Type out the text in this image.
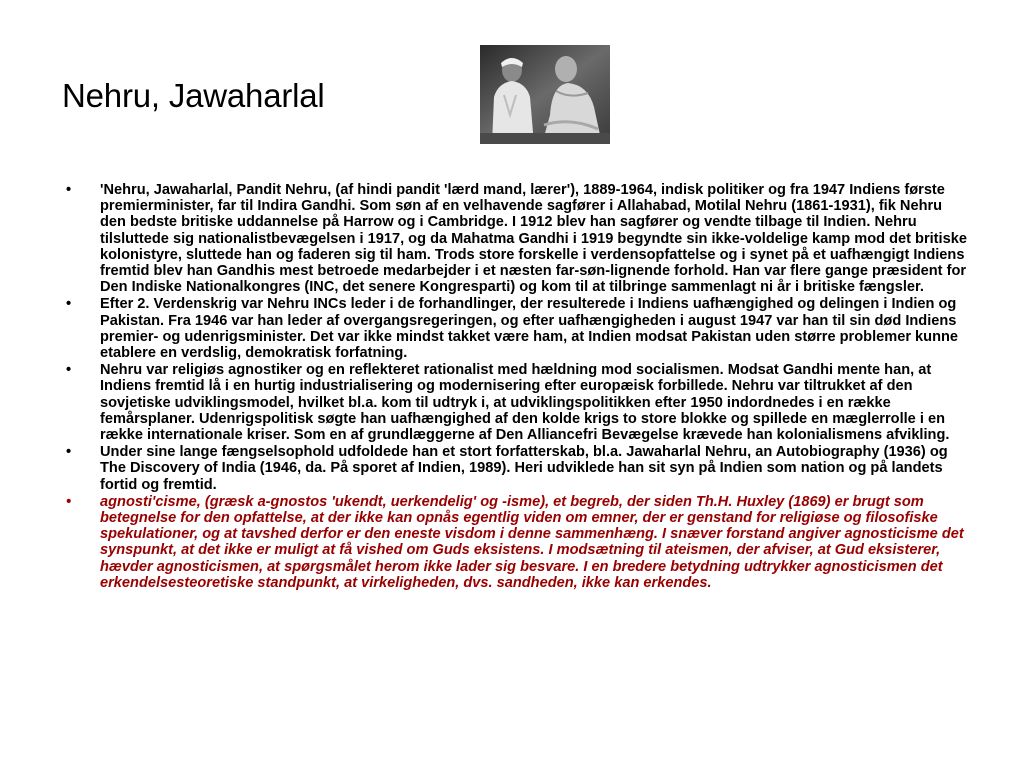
Nehru, Jawaharlal
•	'Nehru, Jawaharlal, Pandit Nehru, (af hindi pandit 'lærd mand, lærer'), 1889-1964, indisk politiker og fra 1947 Indiens første premierminister, far til Indira Gandhi. Som søn af en velhavende sagfører i Allahabad, Motilal Nehru (1861-1931), fik Nehru den bedste britiske uddannelse på Harrow og i Cambridge. I 1912 blev han sagfører og vendte tilbage til Indien. Nehru tilsluttede sig nationalistbevægelsen i 1917, og da Mahatma Gandhi i 1919 begyndte sin ikke-voldelige kamp mod det britiske kolonistyre, sluttede han og faderen sig til ham. Trods store forskelle i verdensopfattelse og i synet på et uafhængigt Indiens fremtid blev han Gandhis mest betroede medarbejder i et næsten far-søn-lignende forhold. Han var flere gange præsident for Den Indiske Nationalkongres (INC, det senere Kongresparti) og kom til at tilbringe sammenlagt ni år i britiske fængsler.
•	Efter 2. Verdenskrig var Nehru INCs leder i de forhandlinger, der resulterede i Indiens uafhængighed og delingen i Indien og Pakistan. Fra 1946 var han leder af overgangsregeringen, og efter uafhængigheden i august 1947 var han til sin død Indiens premier- og udenrigsminister. Det var ikke mindst takket være ham, at Indien modsat Pakistan uden større problemer kunne etablere en verdslig, demokratisk forfatning.
•	Nehru var religiøs agnostiker og en reflekteret rationalist med hældning mod socialismen. Modsat Gandhi mente han, at Indiens fremtid lå i en hurtig industrialisering og modernisering efter europæisk forbillede. Nehru var tiltrukket af den sovjetiske udviklingsmodel, hvilket bl.a. kom til udtryk i, at udviklingspolitikken efter 1950 indordnedes i en række femårsplaner. Udenrigspolitisk søgte han uafhængighed af den kolde krigs to store blokke og spillede en mæglerrolle i en række internationale kriser. Som en af grundlæggerne af Den Alliancefri Bevægelse krævede han kolonialismens afvikling.
•	Under sine lange fængselsophold udfoldede han et stort forfatterskab, bl.a. Jawaharlal Nehru, an Autobiography (1936) og The Discovery of India (1946, da. På sporet af Indien, 1989). Heri udviklede han sit syn på Indien som nation og på landets fortid og fremtid.
•	agnosti'cisme, (græsk a-gnostos 'ukendt, uerkendelig' og -isme), et begreb, der siden Th.H. Huxley (1869) er brugt som betegnelse for den opfattelse, at der ikke kan opnås egentlig viden om emner, der er genstand for religiøse og filosofiske spekulationer, og at tavshed derfor er den eneste visdom i denne sammenhæng. I snæver forstand angiver agnosticisme det synspunkt, at det ikke er muligt at få vished om Guds eksistens. I modsætning til ateismen, der afviser, at Gud eksisterer, hævder agnosticismen, at spørgsmålet herom ikke lader sig besvare. I en bredere betydning udtrykker agnosticismen det erkendelsesteoretiske standpunkt, at virkeligheden, dvs. sandheden, ikke kan erkendes.
